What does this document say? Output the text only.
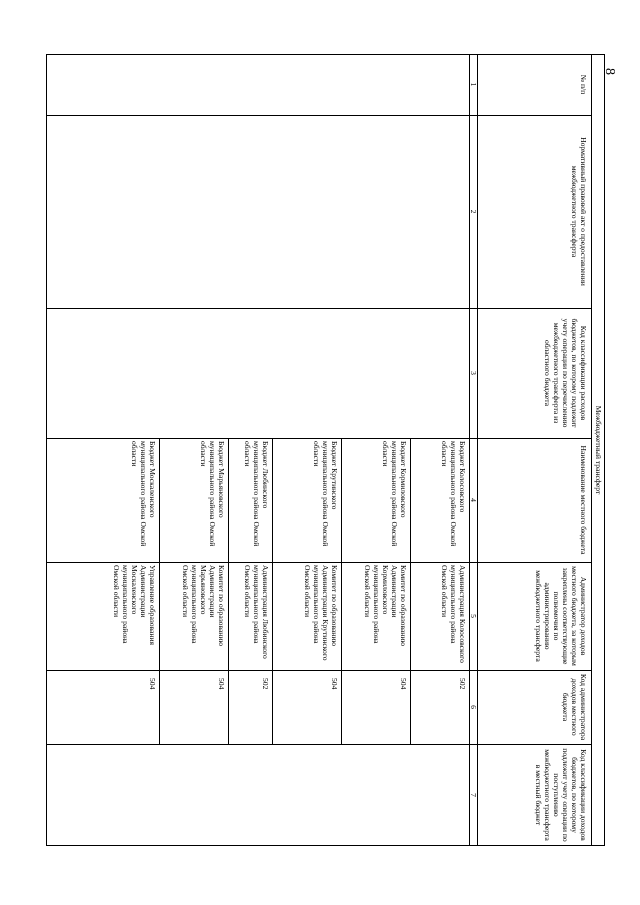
8
Межбюджетный трансферт
№ п/п
Нормативный правовой акт о предоставлении межбюджетного трансферта
Код классификации расходов бюджетов, по которому подлежит учету операции по перечислению межбюджетного трансферта из областного бюджета
Наименование местного бюджета
Администратор доходов местного бюджета, за которым закреплены соответствующие полномочия по администрированию межбюджетного трансферта
Код администратора доходов местного бюджета
Код классификации доходов бюджетов, по которому подлежит учету операции по поступлению межбюджетного трансферта в местный бюджет
1
2
3
4
5
6
7
Бюджет Колосовского муниципального района Омской области
Администрация Колосовского муниципального района Омской области
502
Бюджет Кормиловского муниципального района Омской области
Комитет по образованию Администрации Кормиловского муниципального района Омской области
504
Бюджет Крутинского муниципального района Омской области
Комитет по образованию Администрации Крутинского муниципального района Омской области
504
Бюджет Любинского муниципального района Омской области
Администрация Любинского муниципального района Омской области
502
Бюджет Марьяновского муниципального района Омской области
Комитет по образованию Администрации Марьяновского муниципального района Омской области
504
Бюджет Москаленского муниципального района Омской области
Управление образования Администрации Москаленского муниципального района Омской области
504
